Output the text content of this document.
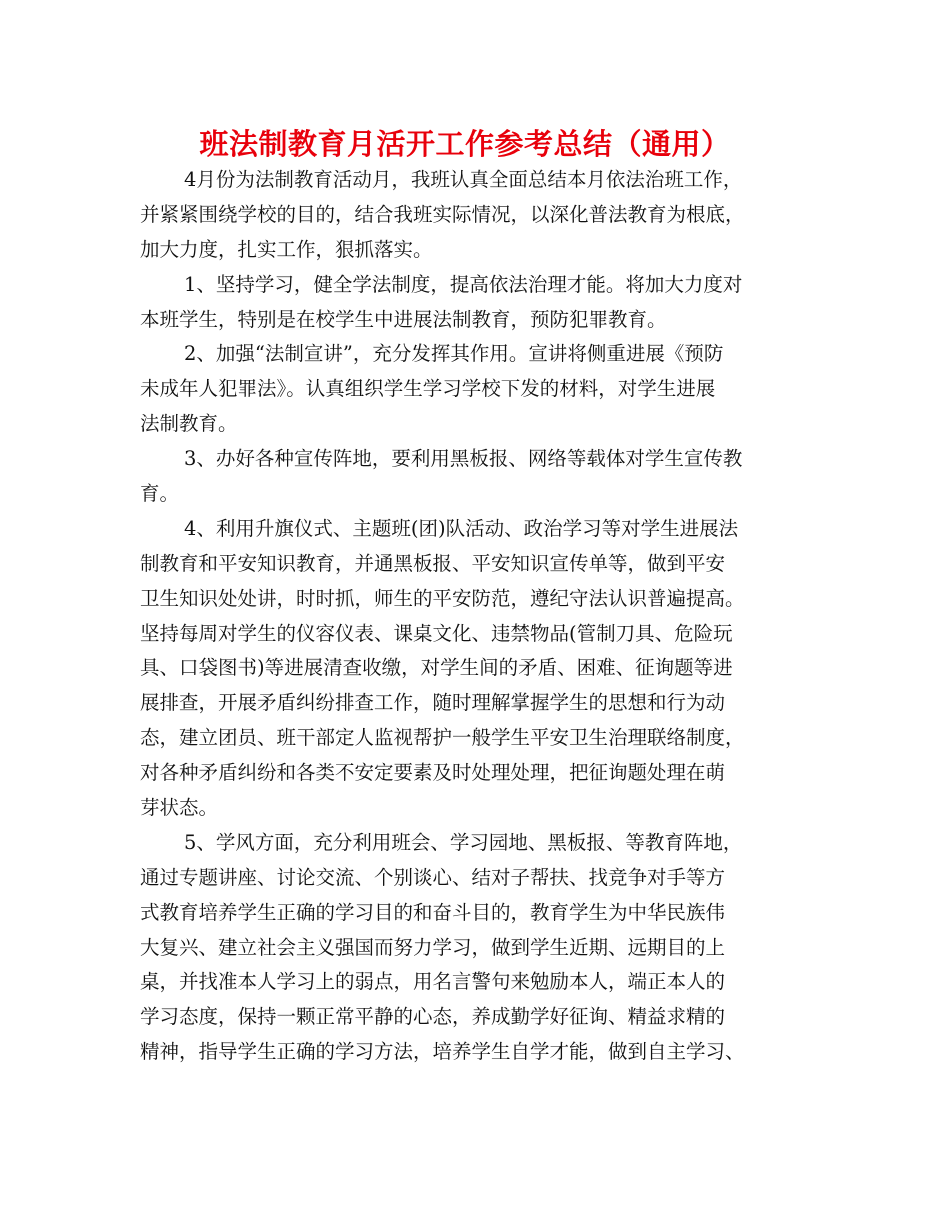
班法制教育月活开工作参考总结（通用）

4月份为法制教育活动月，我班认真全面总结本月依法治班工作，
并紧紧围绕学校的目的，结合我班实际情况，以深化普法教育为根底，
加大力度，扎实工作，狠抓落实。

1、坚持学习，健全学法制度，提高依法治理才能。将加大力度对
本班学生，特别是在校学生中进展法制教育，预防犯罪教育。

2、加强“法制宣讲”，充分发挥其作用。宣讲将侧重进展《预防
未成年人犯罪法》。认真组织学生学习学校下发的材料，对学生进展
法制教育。

3、办好各种宣传阵地，要利用黑板报、网络等载体对学生宣传教
育。

4、利用升旗仪式、主题班(团)队活动、政治学习等对学生进展法
制教育和平安知识教育，并通黑板报、平安知识宣传单等，做到平安
卫生知识处处讲，时时抓，师生的平安防范，遵纪守法认识普遍提高。
坚持每周对学生的仪容仪表、课桌文化、违禁物品(管制刀具、危险玩
具、口袋图书)等进展清查收缴，对学生间的矛盾、困难、征询题等进
展排查，开展矛盾纠纷排查工作，随时理解掌握学生的思想和行为动
态，建立团员、班干部定人监视帮护一般学生平安卫生治理联络制度，
对各种矛盾纠纷和各类不安定要素及时处理处理，把征询题处理在萌
芽状态。

5、学风方面，充分利用班会、学习园地、黑板报、等教育阵地，
通过专题讲座、讨论交流、个别谈心、结对子帮扶、找竞争对手等方
式教育培养学生正确的学习目的和奋斗目的，教育学生为中华民族伟
大复兴、建立社会主义强国而努力学习，做到学生近期、远期目的上
桌，并找准本人学习上的弱点，用名言警句来勉励本人，端正本人的
学习态度，保持一颗正常平静的心态，养成勤学好征询、精益求精的
精神，指导学生正确的学习方法，培养学生自学才能，做到自主学习、
